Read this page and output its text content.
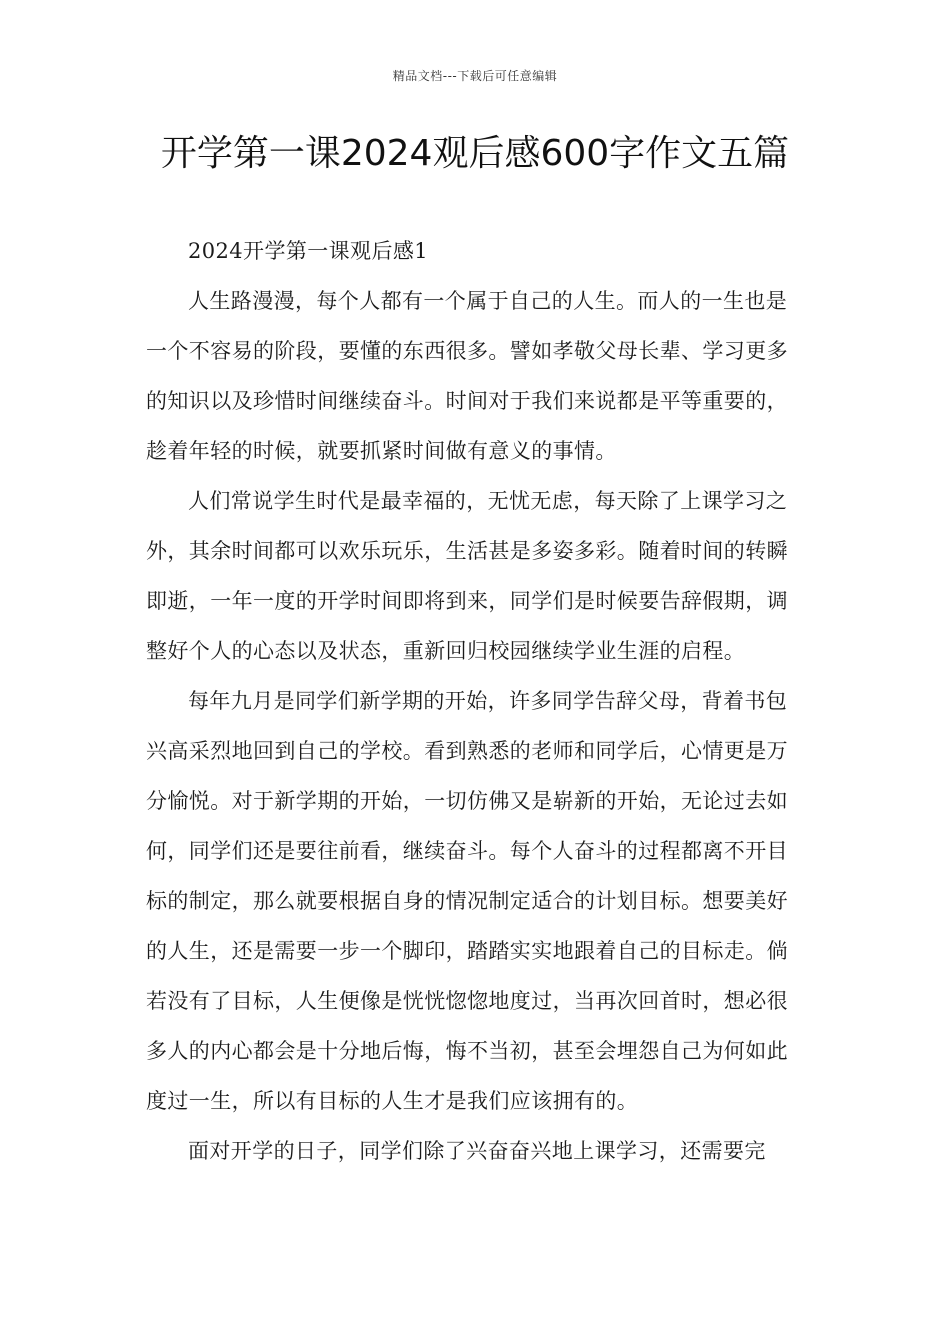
精品文档---下载后可任意编辑
开学第一课2024观后感600字作文五篇

2024开学第一课观后感1

人生路漫漫，每个人都有一个属于自己的人生。而人的一生也是一个不容易的阶段，要懂的东西很多。譬如孝敬父母长辈、学习更多的知识以及珍惜时间继续奋斗。时间对于我们来说都是平等重要的，趁着年轻的时候，就要抓紧时间做有意义的事情。

人们常说学生时代是最幸福的，无忧无虑，每天除了上课学习之外，其余时间都可以欢乐玩乐，生活甚是多姿多彩。随着时间的转瞬即逝，一年一度的开学时间即将到来，同学们是时候要告辞假期，调整好个人的心态以及状态，重新回归校园继续学业生涯的启程。

每年九月是同学们新学期的开始，许多同学告辞父母，背着书包兴高采烈地回到自己的学校。看到熟悉的老师和同学后，心情更是万分愉悦。对于新学期的开始，一切仿佛又是崭新的开始，无论过去如何，同学们还是要往前看，继续奋斗。每个人奋斗的过程都离不开目标的制定，那么就要根据自身的情况制定适合的计划目标。想要美好的人生，还是需要一步一个脚印，踏踏实实地跟着自己的目标走。倘若没有了目标，人生便像是恍恍惚惚地度过，当再次回首时，想必很多人的内心都会是十分地后悔，悔不当初，甚至会埋怨自己为何如此度过一生，所以有目标的人生才是我们应该拥有的。

面对开学的日子，同学们除了兴奋奋兴地上课学习，还需要完
